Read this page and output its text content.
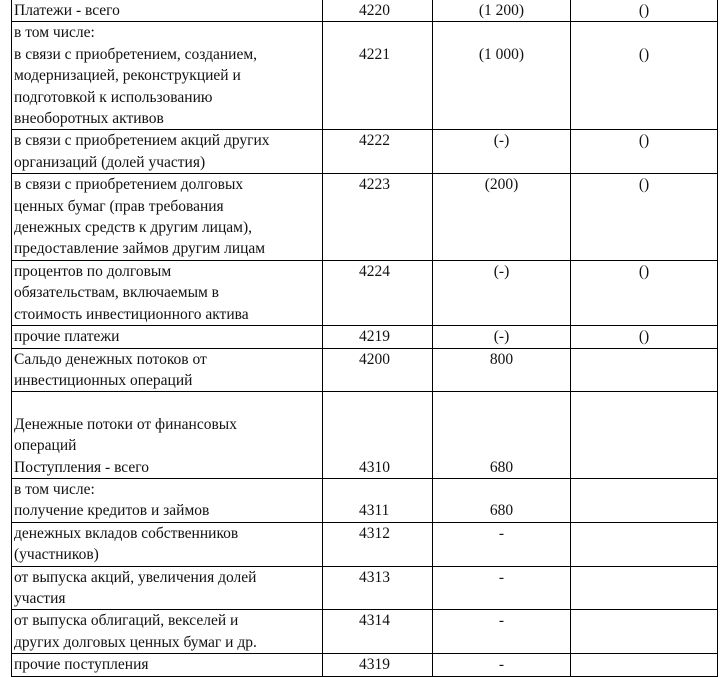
Платежи - всего	4220	(1 200)	()

в том числе:
в связи с приобретением, созданием,
модернизацией, реконструкцией и
подготовкой к использованию
внеоборотных активов	4221	(1 000)	()

в связи с приобретением акций других
организаций (долей участия)	4222	(-)	()

в связи с приобретением долговых
ценных бумаг (прав требования
денежных средств к другим лицам),
предоставление займов другим лицам	4223	(200)	()

процентов по долговым
обязательствам, включаемым в
стоимость инвестиционного актива	4224	(-)	()

прочие платежи	4219	(-)	()

Сальдо денежных потоков от
инвестиционных операций	4200	800	

Денежные потоки от финансовых
операций
Поступления - всего	4310	680	

в том числе:
получение кредитов и займов	4311	680	

денежных вкладов собственников
(участников)	4312	-	

от выпуска акций, увеличения долей
участия	4313	-	

от выпуска облигаций, векселей и
других долговых ценных бумаг и др.	4314	-	

прочие поступления	4319	-	
